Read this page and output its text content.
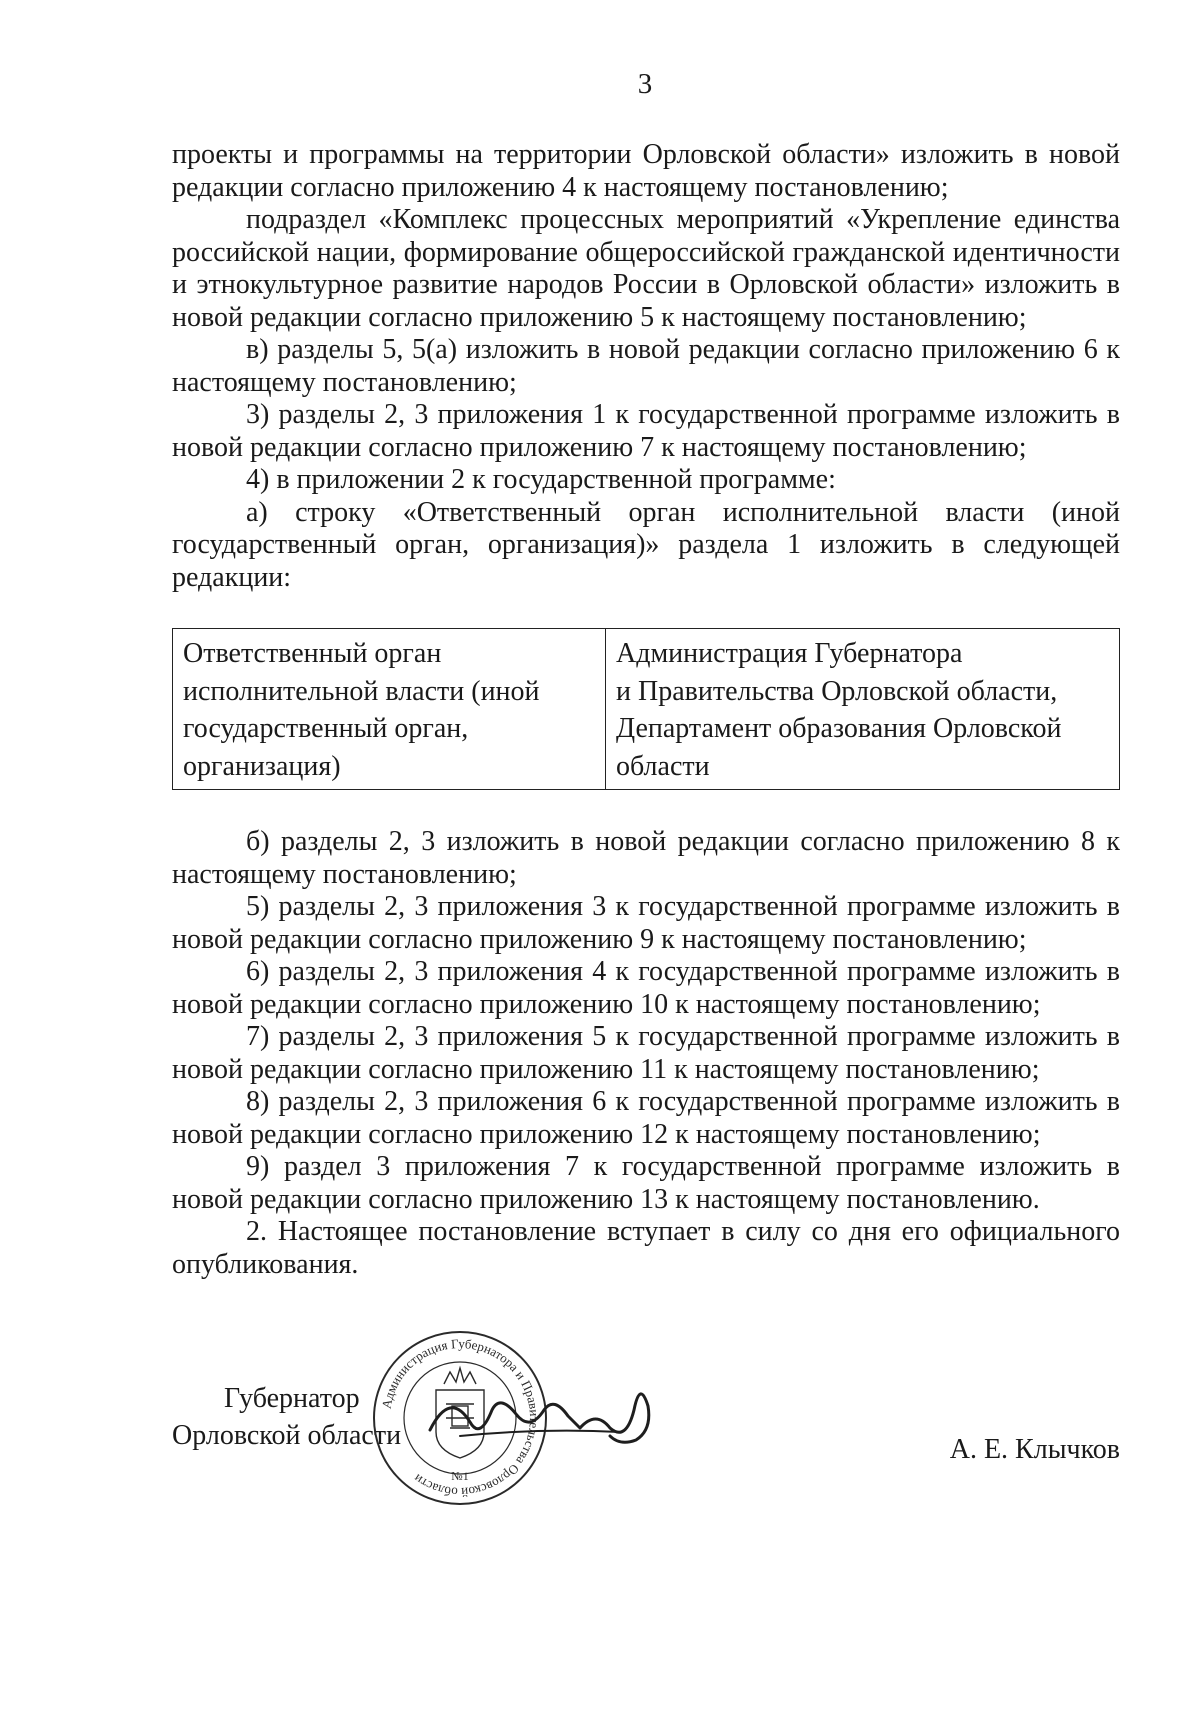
3

проекты и программы на территории Орловской области» изложить в новой редакции согласно приложению 4 к настоящему постановлению;

подраздел «Комплекс процессных мероприятий «Укрепление единства российской нации, формирование общероссийской гражданской идентичности и этнокультурное развитие народов России в Орловской области» изложить в новой редакции согласно приложению 5 к настоящему постановлению;

в) разделы 5, 5(а) изложить в новой редакции согласно приложению 6 к настоящему постановлению;

3) разделы 2, 3 приложения 1 к государственной программе изложить в новой редакции согласно приложению 7 к настоящему постановлению;

4) в приложении 2 к государственной программе:

а) строку «Ответственный орган исполнительной власти (иной государственный орган, организация)» раздела 1 изложить в следующей редакции:

Ответственный орган
исполнительной власти (иной
государственный орган,
организация)

Администрация Губернатора
и Правительства Орловской области,
Департамент образования Орловской
области

б) разделы 2, 3 изложить в новой редакции согласно приложению 8 к настоящему постановлению;

5) разделы 2, 3 приложения 3 к государственной программе изложить в новой редакции согласно приложению 9 к настоящему постановлению;

6) разделы 2, 3 приложения 4 к государственной программе изложить в новой редакции согласно приложению 10 к настоящему постановлению;

7) разделы 2, 3 приложения 5 к государственной программе изложить в новой редакции согласно приложению 11 к настоящему постановлению;

8) разделы 2, 3 приложения 6 к государственной программе изложить в новой редакции согласно приложению 12 к настоящему постановлению;

9) раздел 3 приложения 7 к государственной программе изложить в новой редакции согласно приложению 13 к настоящему постановлению.

2. Настоящее постановление вступает в силу со дня его официального опубликования.

Губернатор
Орловской области
Администрация Губернатора и Правительства Орловской области	№1
А. Е. Клычков
